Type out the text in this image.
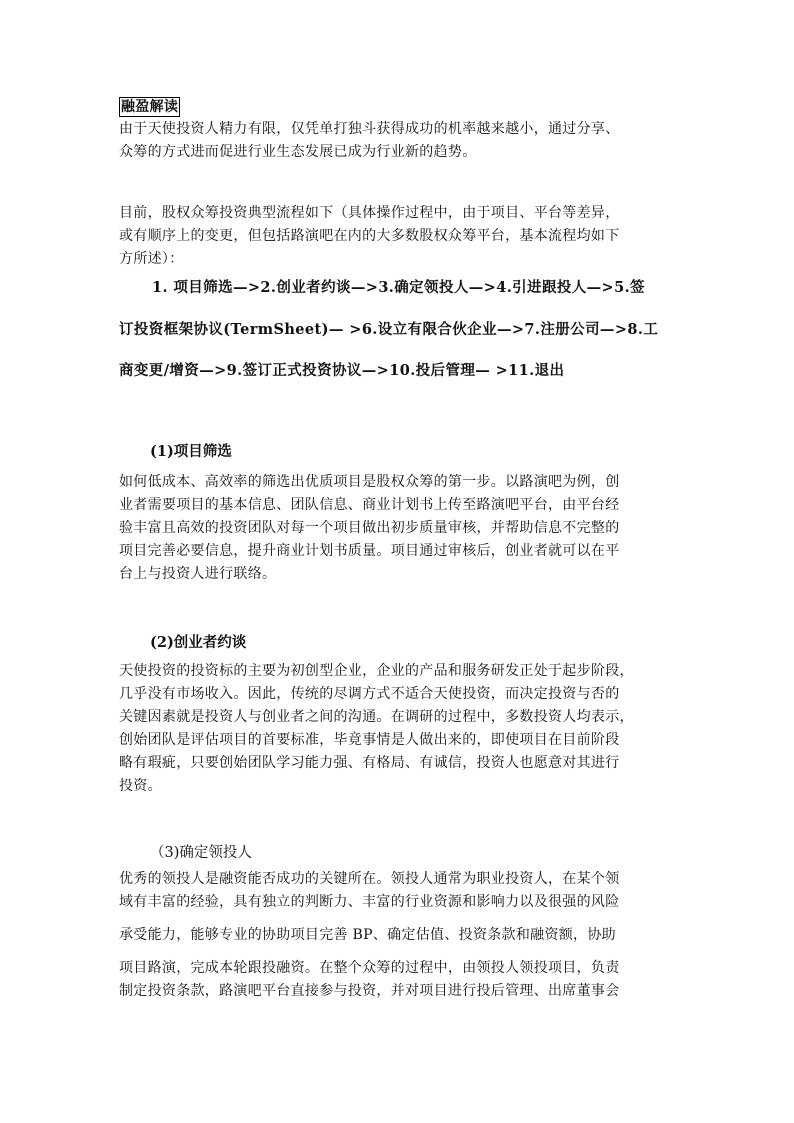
融盈解读
由于天使投资人精力有限，仅凭单打独斗获得成功的机率越来越小，通过分享、
众筹的方式进而促进行业生态发展已成为行业新的趋势。
目前，股权众筹投资典型流程如下（具体操作过程中，由于项目、平台等差异，
或有顺序上的变更，但包括路演吧在内的大多数股权众筹平台，基本流程均如下
方所述）：
1. 项目筛选—>2.创业者约谈—>3.确定领投人—>4.引进跟投人—>5.签
订投资框架协议(TermSheet)— >6.设立有限合伙企业—>7.注册公司—>8.工
商变更/增资—>9.签订正式投资协议—>10.投后管理— >11.退出
(1)项目筛选
如何低成本、高效率的筛选出优质项目是股权众筹的第一步。以路演吧为例，创
业者需要项目的基本信息、团队信息、商业计划书上传至路演吧平台，由平台经
验丰富且高效的投资团队对每一个项目做出初步质量审核，并帮助信息不完整的
项目完善必要信息，提升商业计划书质量。项目通过审核后，创业者就可以在平
台上与投资人进行联络。
(2)创业者约谈
天使投资的投资标的主要为初创型企业，企业的产品和服务研发正处于起步阶段，
几乎没有市场收入。因此，传统的尽调方式不适合天使投资，而决定投资与否的
关键因素就是投资人与创业者之间的沟通。在调研的过程中，多数投资人均表示，
创始团队是评估项目的首要标准，毕竟事情是人做出来的，即使项目在目前阶段
略有瑕疵，只要创始团队学习能力强、有格局、有诚信，投资人也愿意对其进行
投资。
（3)确定领投人
优秀的领投人是融资能否成功的关键所在。领投人通常为职业投资人，在某个领
域有丰富的经验，具有独立的判断力、丰富的行业资源和影响力以及很强的风险
承受能力，能够专业的协助项目完善 BP、确定估值、投资条款和融资额，协助
项目路演，完成本轮跟投融资。在整个众筹的过程中，由领投人领投项目，负责
制定投资条款，路演吧平台直接参与投资，并对项目进行投后管理、出席董事会
